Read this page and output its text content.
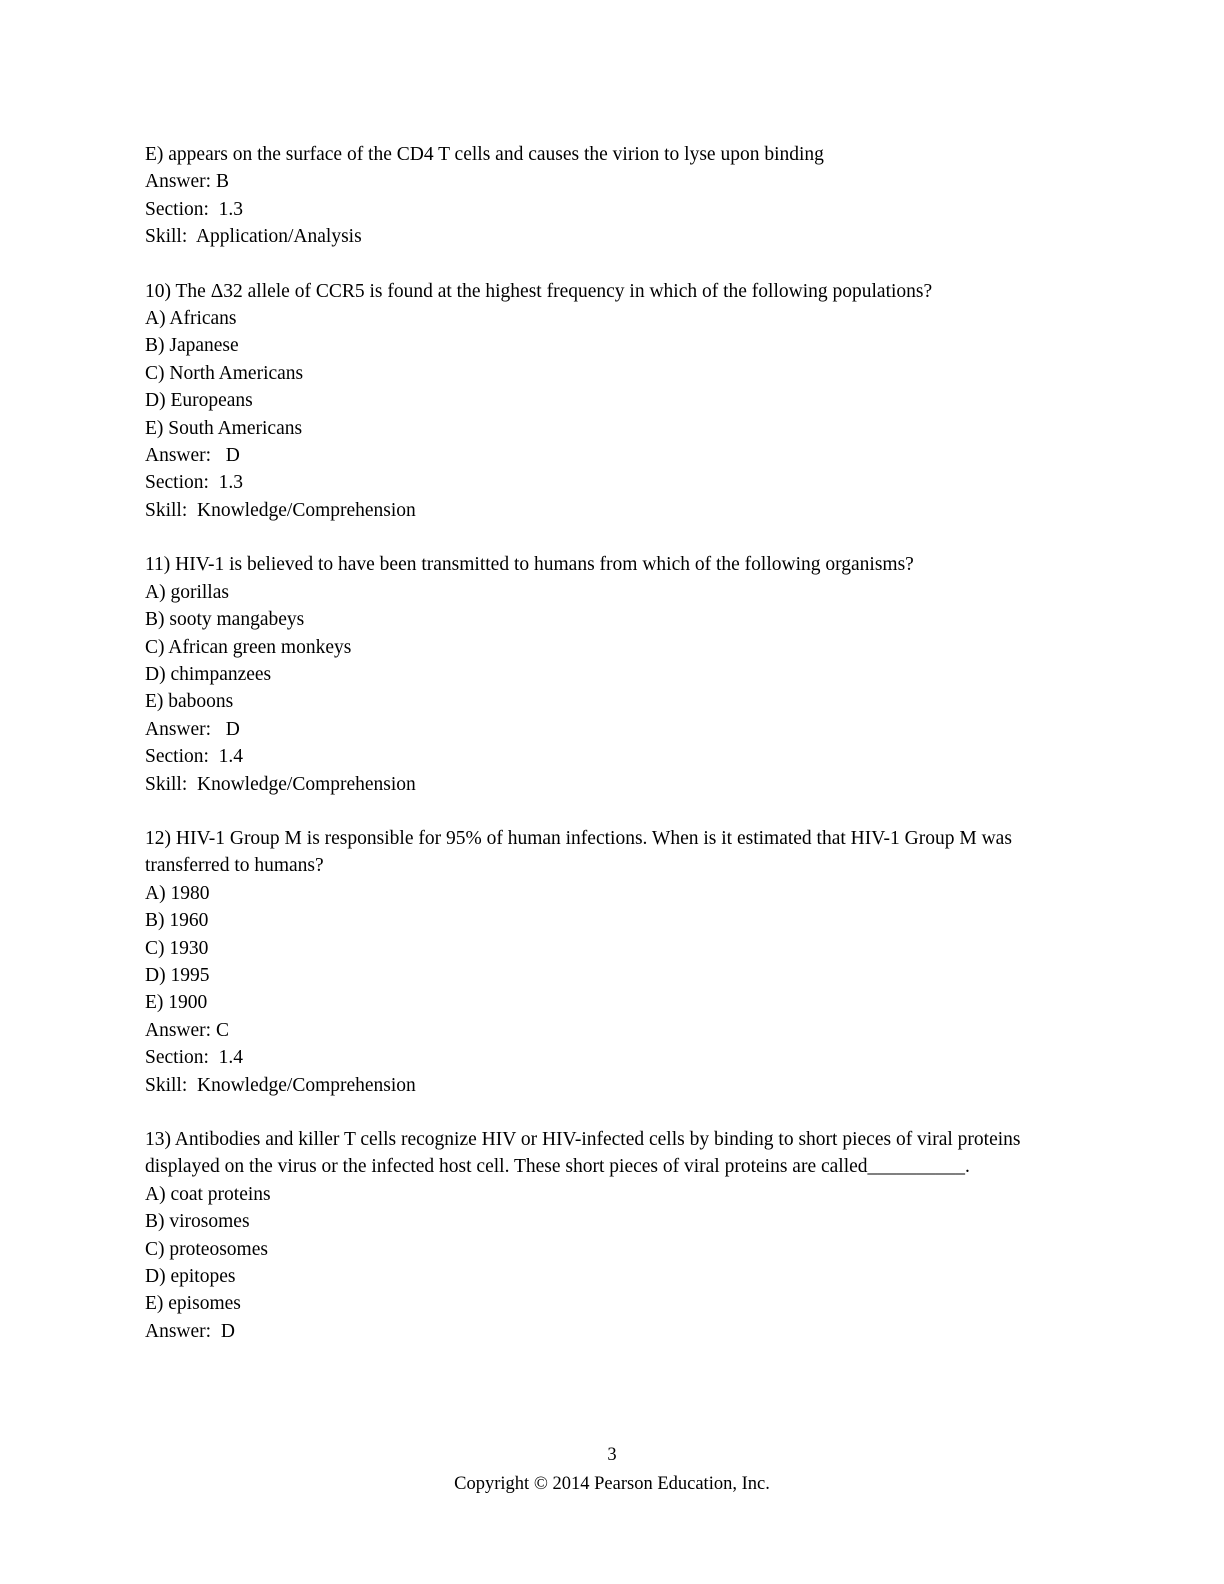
E) appears on the surface of the CD4 T cells and causes the virion to lyse upon binding

Answer: B

Section:  1.3

Skill:  Application/Analysis

10) The Δ32 allele of CCR5 is found at the highest frequency in which of the following populations?

A) Africans

B) Japanese

C) North Americans

D) Europeans

E) South Americans

Answer:   D

Section:  1.3

Skill:  Knowledge/Comprehension

11) HIV-1 is believed to have been transmitted to humans from which of the following organisms?

A) gorillas

B) sooty mangabeys

C) African green monkeys

D) chimpanzees

E) baboons

Answer:   D

Section:  1.4

Skill:  Knowledge/Comprehension

12) HIV-1 Group M is responsible for 95% of human infections. When is it estimated that HIV-1 Group M was transferred to humans?

A) 1980

B) 1960

C) 1930

D) 1995

E) 1900

Answer: C

Section:  1.4

Skill:  Knowledge/Comprehension

13) Antibodies and killer T cells recognize HIV or HIV-infected cells by binding to short pieces of viral proteins displayed on the virus or the infected host cell. These short pieces of viral proteins are called__________.

A) coat proteins

B) virosomes

C) proteosomes

D) epitopes

E) episomes

Answer:  D

3

Copyright © 2014 Pearson Education, Inc.
